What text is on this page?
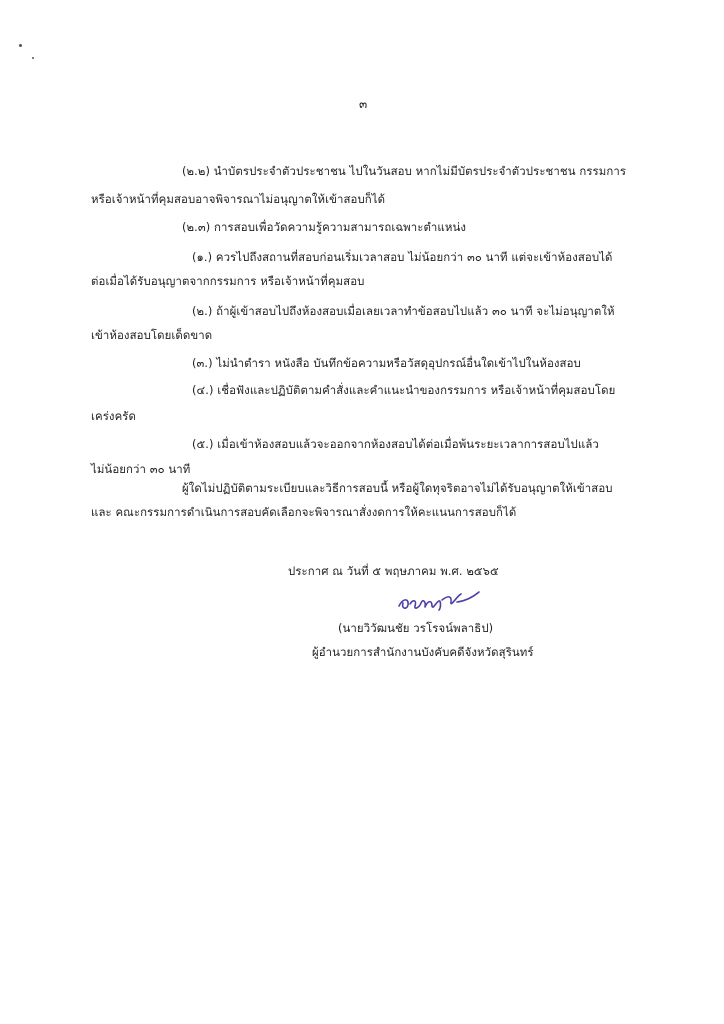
๓
(๒.๒) นำบัตรประจำตัวประชาชน ไปในวันสอบ หากไม่มีบัตรประจำตัวประชาชน กรรมการ
หรือเจ้าหน้าที่คุมสอบอาจพิจารณาไม่อนุญาตให้เข้าสอบก็ได้
(๒.๓) การสอบเพื่อวัดความรู้ความสามารถเฉพาะตำแหน่ง
(๑.) ควรไปถึงสถานที่สอบก่อนเริ่มเวลาสอบ ไม่น้อยกว่า ๓๐ นาที แต่จะเข้าห้องสอบได้
ต่อเมื่อได้รับอนุญาตจากกรรมการ หรือเจ้าหน้าที่คุมสอบ
(๒.) ถ้าผู้เข้าสอบไปถึงห้องสอบเมื่อเลยเวลาทำข้อสอบไปแล้ว ๓๐ นาที จะไม่อนุญาตให้
เข้าห้องสอบโดยเด็ดขาด
(๓.) ไม่นำตำรา หนังสือ บันทึกข้อความหรือวัสดุอุปกรณ์อื่นใดเข้าไปในห้องสอบ
(๔.) เชื่อฟังและปฏิบัติตามคำสั่งและคำแนะนำของกรรมการ หรือเจ้าหน้าที่คุมสอบโดย
เคร่งครัด
(๕.) เมื่อเข้าห้องสอบแล้วจะออกจากห้องสอบได้ต่อเมื่อพ้นระยะเวลาการสอบไปแล้ว
ไม่น้อยกว่า ๓๐ นาที
ผู้ใดไม่ปฏิบัติตามระเบียบและวิธีการสอบนี้ หรือผู้ใดทุจริตอาจไม่ได้รับอนุญาตให้เข้าสอบ
และ คณะกรรมการดำเนินการสอบคัดเลือกจะพิจารณาสั่งงดการให้คะแนนการสอบก็ได้
ประกาศ ณ วันที่ ๕ พฤษภาคม พ.ศ. ๒๕๖๕
(นายวิวัฒนชัย วรโรจน์พลาธิป)
ผู้อำนวยการสำนักงานบังคับคดีจังหวัดสุรินทร์
